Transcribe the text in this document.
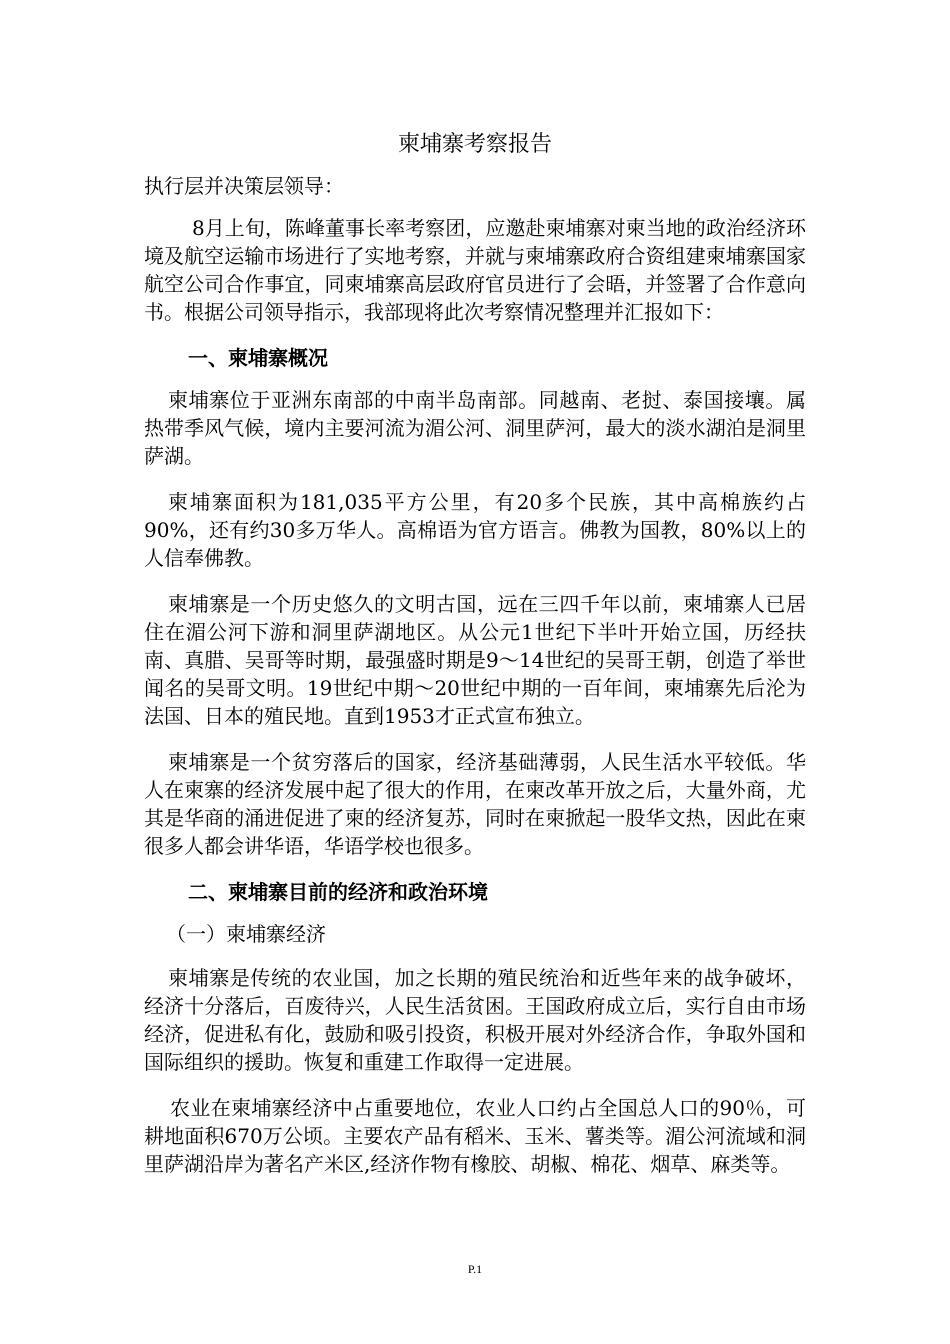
柬埔寨考察报告
执行层并决策层领导：

8月上旬，陈峰董事长率考察团，应邀赴柬埔寨对柬当地的政治经济环境及航空运输市场进行了实地考察，并就与柬埔寨政府合资组建柬埔寨国家航空公司合作事宜，同柬埔寨高层政府官员进行了会晤，并签署了合作意向书。根据公司领导指示，我部现将此次考察情况整理并汇报如下：

一、柬埔寨概况

柬埔寨位于亚洲东南部的中南半岛南部。同越南、老挝、泰国接壤。属热带季风气候，境内主要河流为湄公河、洞里萨河，最大的淡水湖泊是洞里萨湖。

柬埔寨面积为181,035平方公里，有20多个民族，其中高棉族约占90%，还有约30多万华人。高棉语为官方语言。佛教为国教，80%以上的人信奉佛教。

柬埔寨是一个历史悠久的文明古国，远在三四千年以前，柬埔寨人已居住在湄公河下游和洞里萨湖地区。从公元1世纪下半叶开始立国，历经扶南、真腊、吴哥等时期，最强盛时期是9～14世纪的吴哥王朝，创造了举世闻名的吴哥文明。19世纪中期～20世纪中期的一百年间，柬埔寨先后沦为法国、日本的殖民地。直到1953才正式宣布独立。

柬埔寨是一个贫穷落后的国家，经济基础薄弱，人民生活水平较低。华人在柬寨的经济发展中起了很大的作用，在柬改革开放之后，大量外商，尤其是华商的涌进促进了柬的经济复苏，同时在柬掀起一股华文热，因此在柬很多人都会讲华语，华语学校也很多。

二、柬埔寨目前的经济和政治环境
（一）柬埔寨经济

柬埔寨是传统的农业国，加之长期的殖民统治和近些年来的战争破坏，经济十分落后，百废待兴，人民生活贫困。王国政府成立后，实行自由市场经济，促进私有化，鼓励和吸引投资，积极开展对外经济合作，争取外国和国际组织的援助。恢复和重建工作取得一定进展。

农业在柬埔寨经济中占重要地位，农业人口约占全国总人口的90％，可耕地面积670万公顷。主要农产品有稻米、玉米、薯类等。湄公河流域和洞里萨湖沿岸为著名产米区,经济作物有橡胶、胡椒、棉花、烟草、麻类等。

P.1
